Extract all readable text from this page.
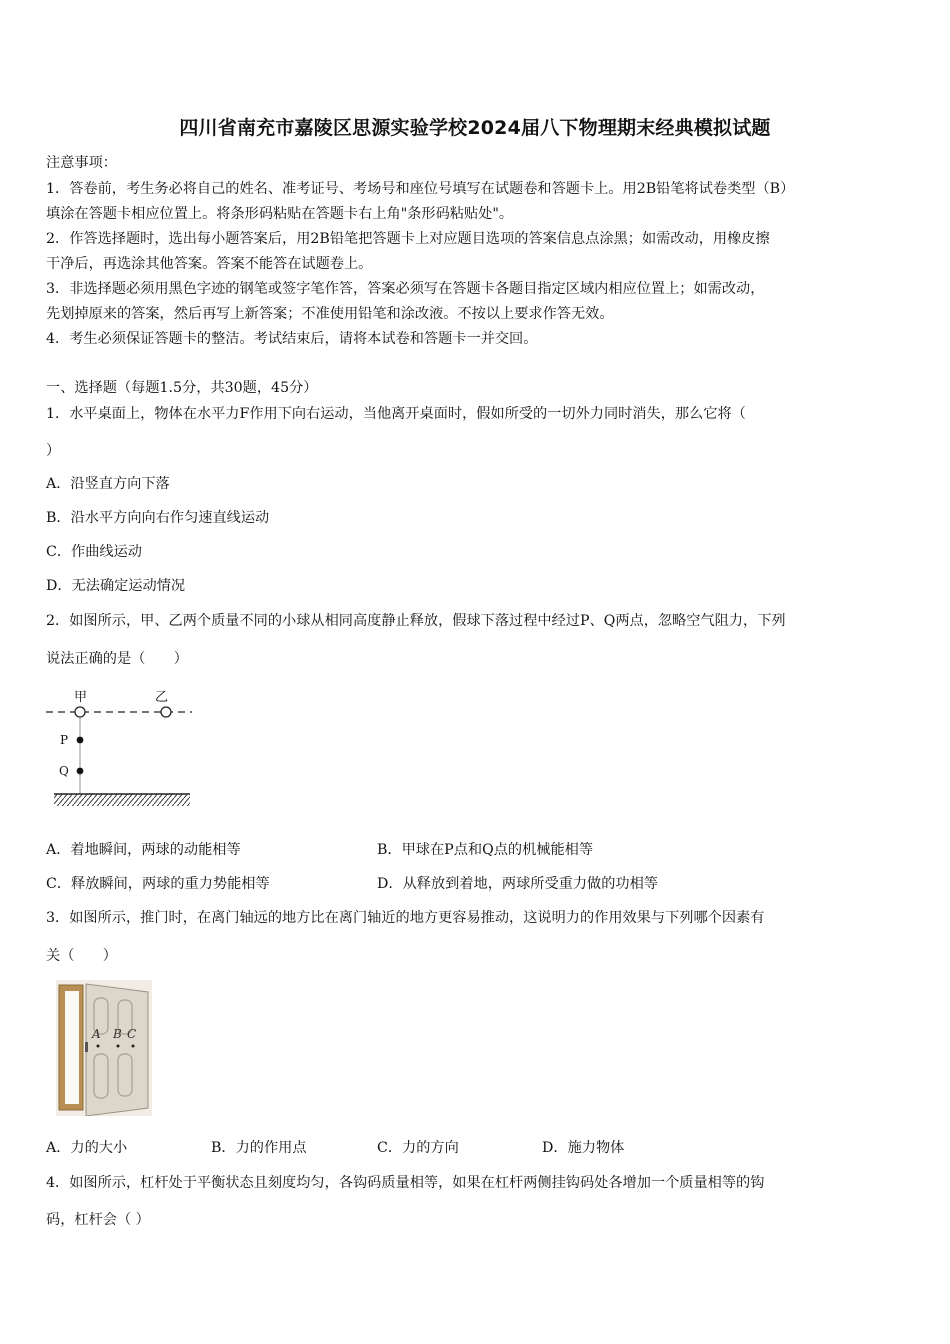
四川省南充市嘉陵区思源实验学校2024届八下物理期末经典模拟试题
注意事项：
1．答卷前，考生务必将自己的姓名、准考证号、考场号和座位号填写在试题卷和答题卡上。用2B铅笔将试卷类型（B）
填涂在答题卡相应位置上。将条形码粘贴在答题卡右上角"条形码粘贴处"。
2．作答选择题时，选出每小题答案后，用2B铅笔把答题卡上对应题目选项的答案信息点涂黑；如需改动，用橡皮擦
干净后，再选涂其他答案。答案不能答在试题卷上。
3．非选择题必须用黑色字迹的钢笔或签字笔作答，答案必须写在答题卡各题目指定区域内相应位置上；如需改动，
先划掉原来的答案，然后再写上新答案；不准使用铅笔和涂改液。不按以上要求作答无效。
4．考生必须保证答题卡的整洁。考试结束后，请将本试卷和答题卡一并交回。
一、选择题（每题1.5分，共30题，45分）
1．水平桌面上，物体在水平力F作用下向右运动，当他离开桌面时，假如所受的一切外力同时消失，那么它将（
）
A．沿竖直方向下落
B．沿水平方向向右作匀速直线运动
C．作曲线运动
D．无法确定运动情况
2．如图所示，甲、乙两个质量不同的小球从相同高度静止释放，假球下落过程中经过P、Q两点，忽略空气阻力，下列
说法正确的是（　　）
甲	乙
P
Q
A．着地瞬间，两球的动能相等	B．甲球在P点和Q点的机械能相等
C．释放瞬间，两球的重力势能相等	D．从释放到着地，两球所受重力做的功相等
3．如图所示，推门时，在离门轴远的地方比在离门轴近的地方更容易推动，这说明力的作用效果与下列哪个因素有
关（　　）
A B C
A．力的大小	B．力的作用点	C．力的方向	D．施力物体
4．如图所示，杠杆处于平衡状态且刻度均匀，各钩码质量相等，如果在杠杆两侧挂钩码处各增加一个质量相等的钩
码，杠杆会（ ）
